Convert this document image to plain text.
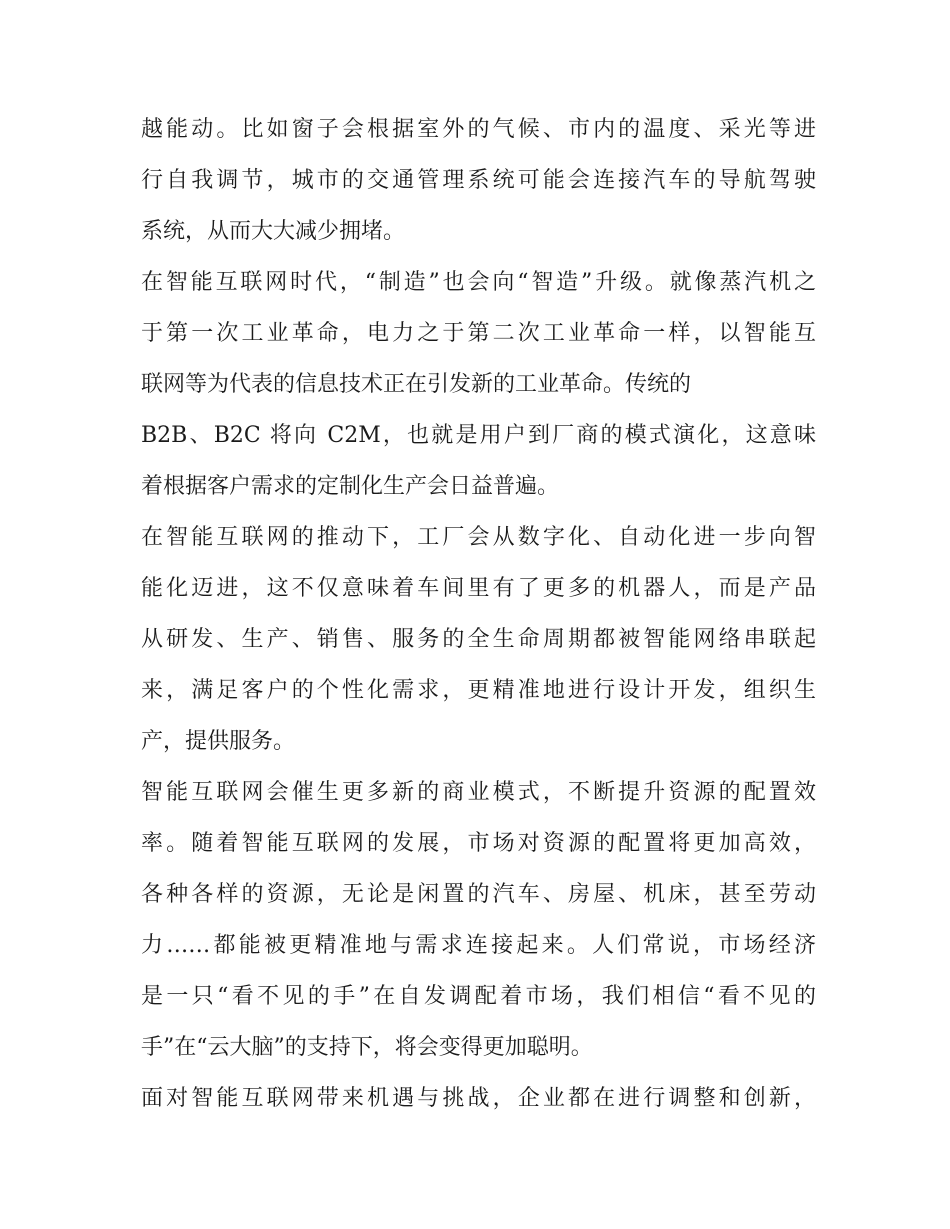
越能动。比如窗子会根据室外的气候、市内的温度、采光等进
行自我调节，城市的交通管理系统可能会连接汽车的导航驾驶
系统，从而大大减少拥堵。
在智能互联网时代，“制造”也会向“智造”升级。就像蒸汽机之
于第一次工业革命，电力之于第二次工业革命一样，以智能互
联网等为代表的信息技术正在引发新的工业革命。传统的
B2B、B2C 将向 C2M，也就是用户到厂商的模式演化，这意味
着根据客户需求的定制化生产会日益普遍。
在智能互联网的推动下，工厂会从数字化、自动化进一步向智
能化迈进，这不仅意味着车间里有了更多的机器人，而是产品
从研发、生产、销售、服务的全生命周期都被智能网络串联起
来，满足客户的个性化需求，更精准地进行设计开发，组织生
产，提供服务。
智能互联网会催生更多新的商业模式，不断提升资源的配置效
率。随着智能互联网的发展，市场对资源的配置将更加高效，
各种各样的资源，无论是闲置的汽车、房屋、机床，甚至劳动
力……都能被更精准地与需求连接起来。人们常说，市场经济
是一只“看不见的手”在自发调配着市场，我们相信“看不见的
手”在“云大脑”的支持下，将会变得更加聪明。
面对智能互联网带来机遇与挑战，企业都在进行调整和创新，
